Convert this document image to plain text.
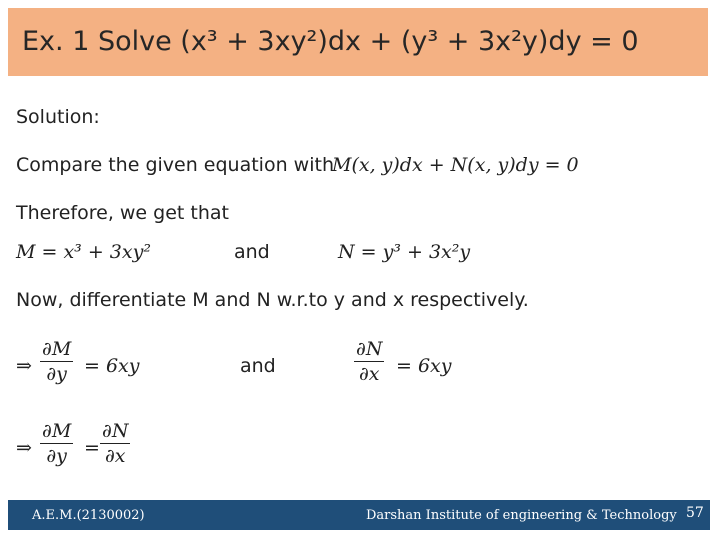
Ex. 1 Solve (x³ + 3xy²)dx + (y³ + 3x²y)dy = 0
Solution:
Compare the given equation with
M(x, y)dx + N(x, y)dy = 0
Therefore, we get that
M = x³ + 3xy²	and	N = y³ + 3x²y
Now, differentiate M and N w.r.to y and x respectively.
⇒ $\frac{\partial M}{\partial y} = 6xy$	and	$\frac{\partial N}{\partial x} = 6xy$
⇒ $\frac{\partial M}{\partial y} = \frac{\partial N}{\partial x}$
A.E.M.(2130002)	Darshan Institute of engineering & Technology 57
